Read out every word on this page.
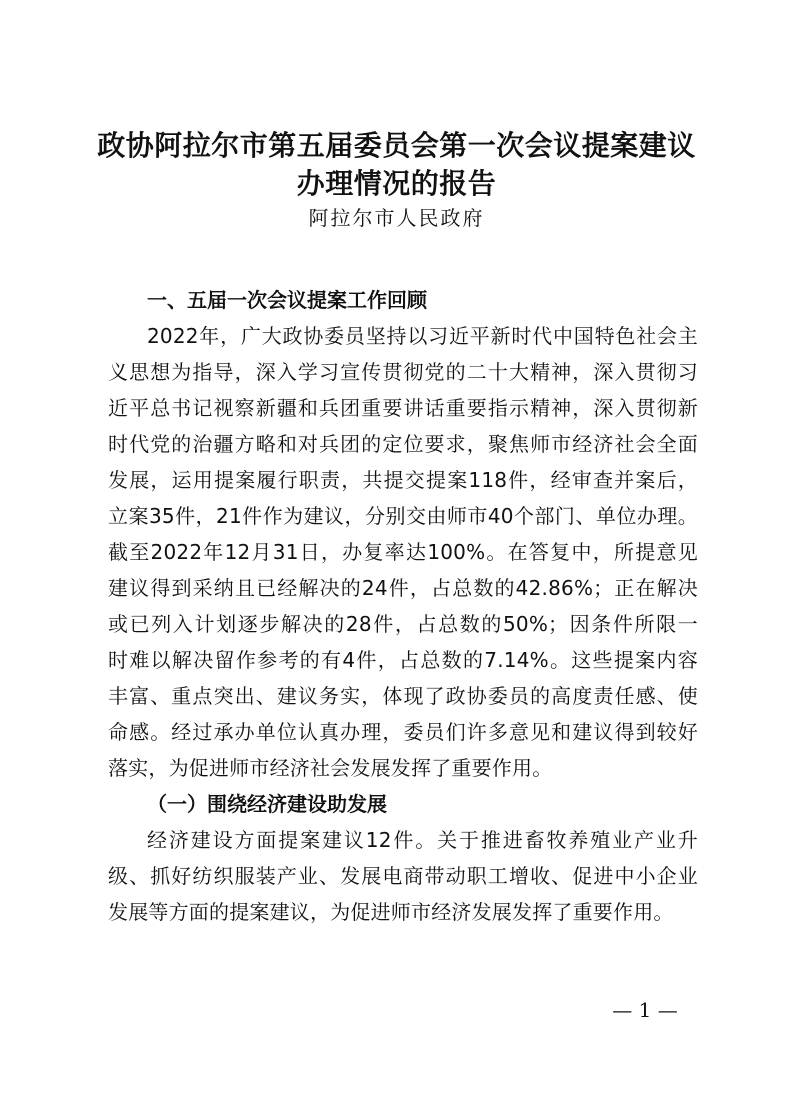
政协阿拉尔市第五届委员会第一次会议提案建议
办理情况的报告
阿拉尔市人民政府
一、五届一次会议提案工作回顾
2022年，广大政协委员坚持以习近平新时代中国特色社会主
义思想为指导，深入学习宣传贯彻党的二十大精神，深入贯彻习
近平总书记视察新疆和兵团重要讲话重要指示精神，深入贯彻新
时代党的治疆方略和对兵团的定位要求，聚焦师市经济社会全面
发展，运用提案履行职责，共提交提案118件，经审查并案后，
立案35件，21件作为建议，分别交由师市40个部门、单位办理。
截至2022年12月31日，办复率达100%。在答复中，所提意见
建议得到采纳且已经解决的24件，占总数的42.86%；正在解决
或已列入计划逐步解决的28件，占总数的50%；因条件所限一
时难以解决留作参考的有4件，占总数的7.14%。这些提案内容
丰富、重点突出、建议务实，体现了政协委员的高度责任感、使
命感。经过承办单位认真办理，委员们许多意见和建议得到较好
落实，为促进师市经济社会发展发挥了重要作用。
（一）围绕经济建设助发展
经济建设方面提案建议12件。关于推进畜牧养殖业产业升
级、抓好纺织服装产业、发展电商带动职工增收、促进中小企业
发展等方面的提案建议，为促进师市经济发展发挥了重要作用。
— 1 —
